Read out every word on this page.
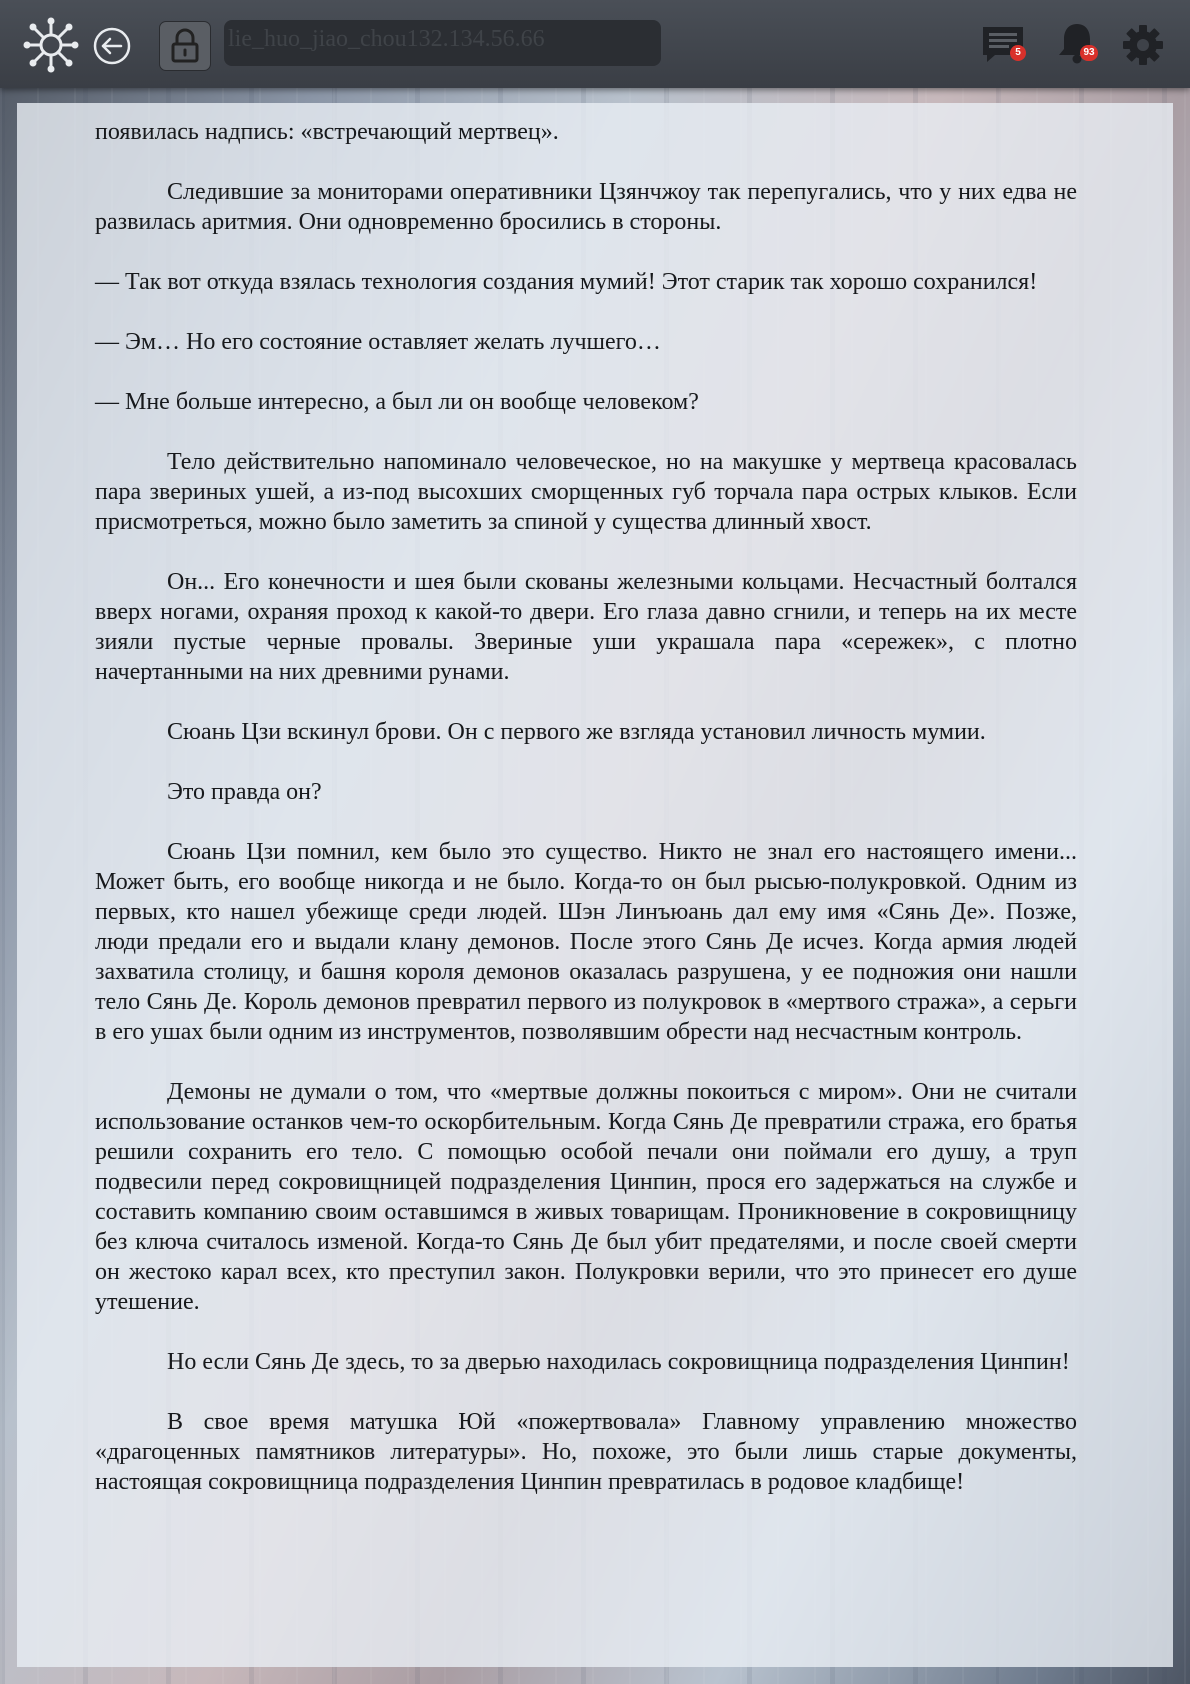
lie_huo_jiao_chou132.134.56.66
5	93

появилась надпись: «встречающий мертвец».

Следившие за мониторами оперативники Цзянчжоу так перепугались, что у них едва не развилась аритмия. Они одновременно бросились в стороны.

— Так вот откуда взялась технология создания мумий! Этот старик так хорошо сохранился!

— Эм… Но его состояние оставляет желать лучшего…

— Мне больше интересно, а был ли он вообще человеком?

Тело действительно напоминало человеческое, но на макушке у мертвеца красовалась пара звериных ушей, а из-под высохших сморщенных губ торчала пара острых клыков. Если присмотреться, можно было заметить за спиной у существа длинный хвост.

Он... Его конечности и шея были скованы железными кольцами. Несчастный болтался вверх ногами, охраняя проход к какой-то двери. Его глаза давно сгнили, и теперь на их месте зияли пустые черные провалы. Звериные уши украшала пара «сережек», с плотно начертанными на них древними рунами.

Сюань Цзи вскинул брови. Он с первого же взгляда установил личность мумии.

Это правда он?

Сюань Цзи помнил, кем было это существо. Никто не знал его настоящего имени... Может быть, его вообще никогда и не было. Когда-то он был рысью-полукровкой. Одним из первых, кто нашел убежище среди людей. Шэн Линъюань дал ему имя «Сянь Де». Позже, люди предали его и выдали клану демонов. После этого Сянь Де исчез. Когда армия людей захватила столицу, и башня короля демонов оказалась разрушена, у ее подножия они нашли тело Сянь Де. Король демонов превратил первого из полукровок в «мертвого стража», а серьги в его ушах были одним из инструментов, позволявшим обрести над несчастным контроль.

Демоны не думали о том, что «мертвые должны покоиться с миром». Они не считали использование останков чем-то оскорбительным. Когда Сянь Де превратили стража, его братья решили сохранить его тело. С помощью особой печали они поймали его душу, а труп подвесили перед сокровищницей подразделения Цинпин, прося его задержаться на службе и составить компанию своим оставшимся в живых товарищам. Проникновение в сокровищницу без ключа считалось изменой. Когда-то Сянь Де был убит предателями, и после своей смерти он жестоко карал всех, кто преступил закон. Полукровки верили, что это принесет его душе утешение.

Но если Сянь Де здесь, то за дверью находилась сокровищница подразделения Цинпин!

В свое время матушка Юй «пожертвовала» Главному управлению множество «драгоценных памятников литературы». Но, похоже, это были лишь старые документы, настоящая сокровищница подразделения Цинпин превратилась в родовое кладбище!
